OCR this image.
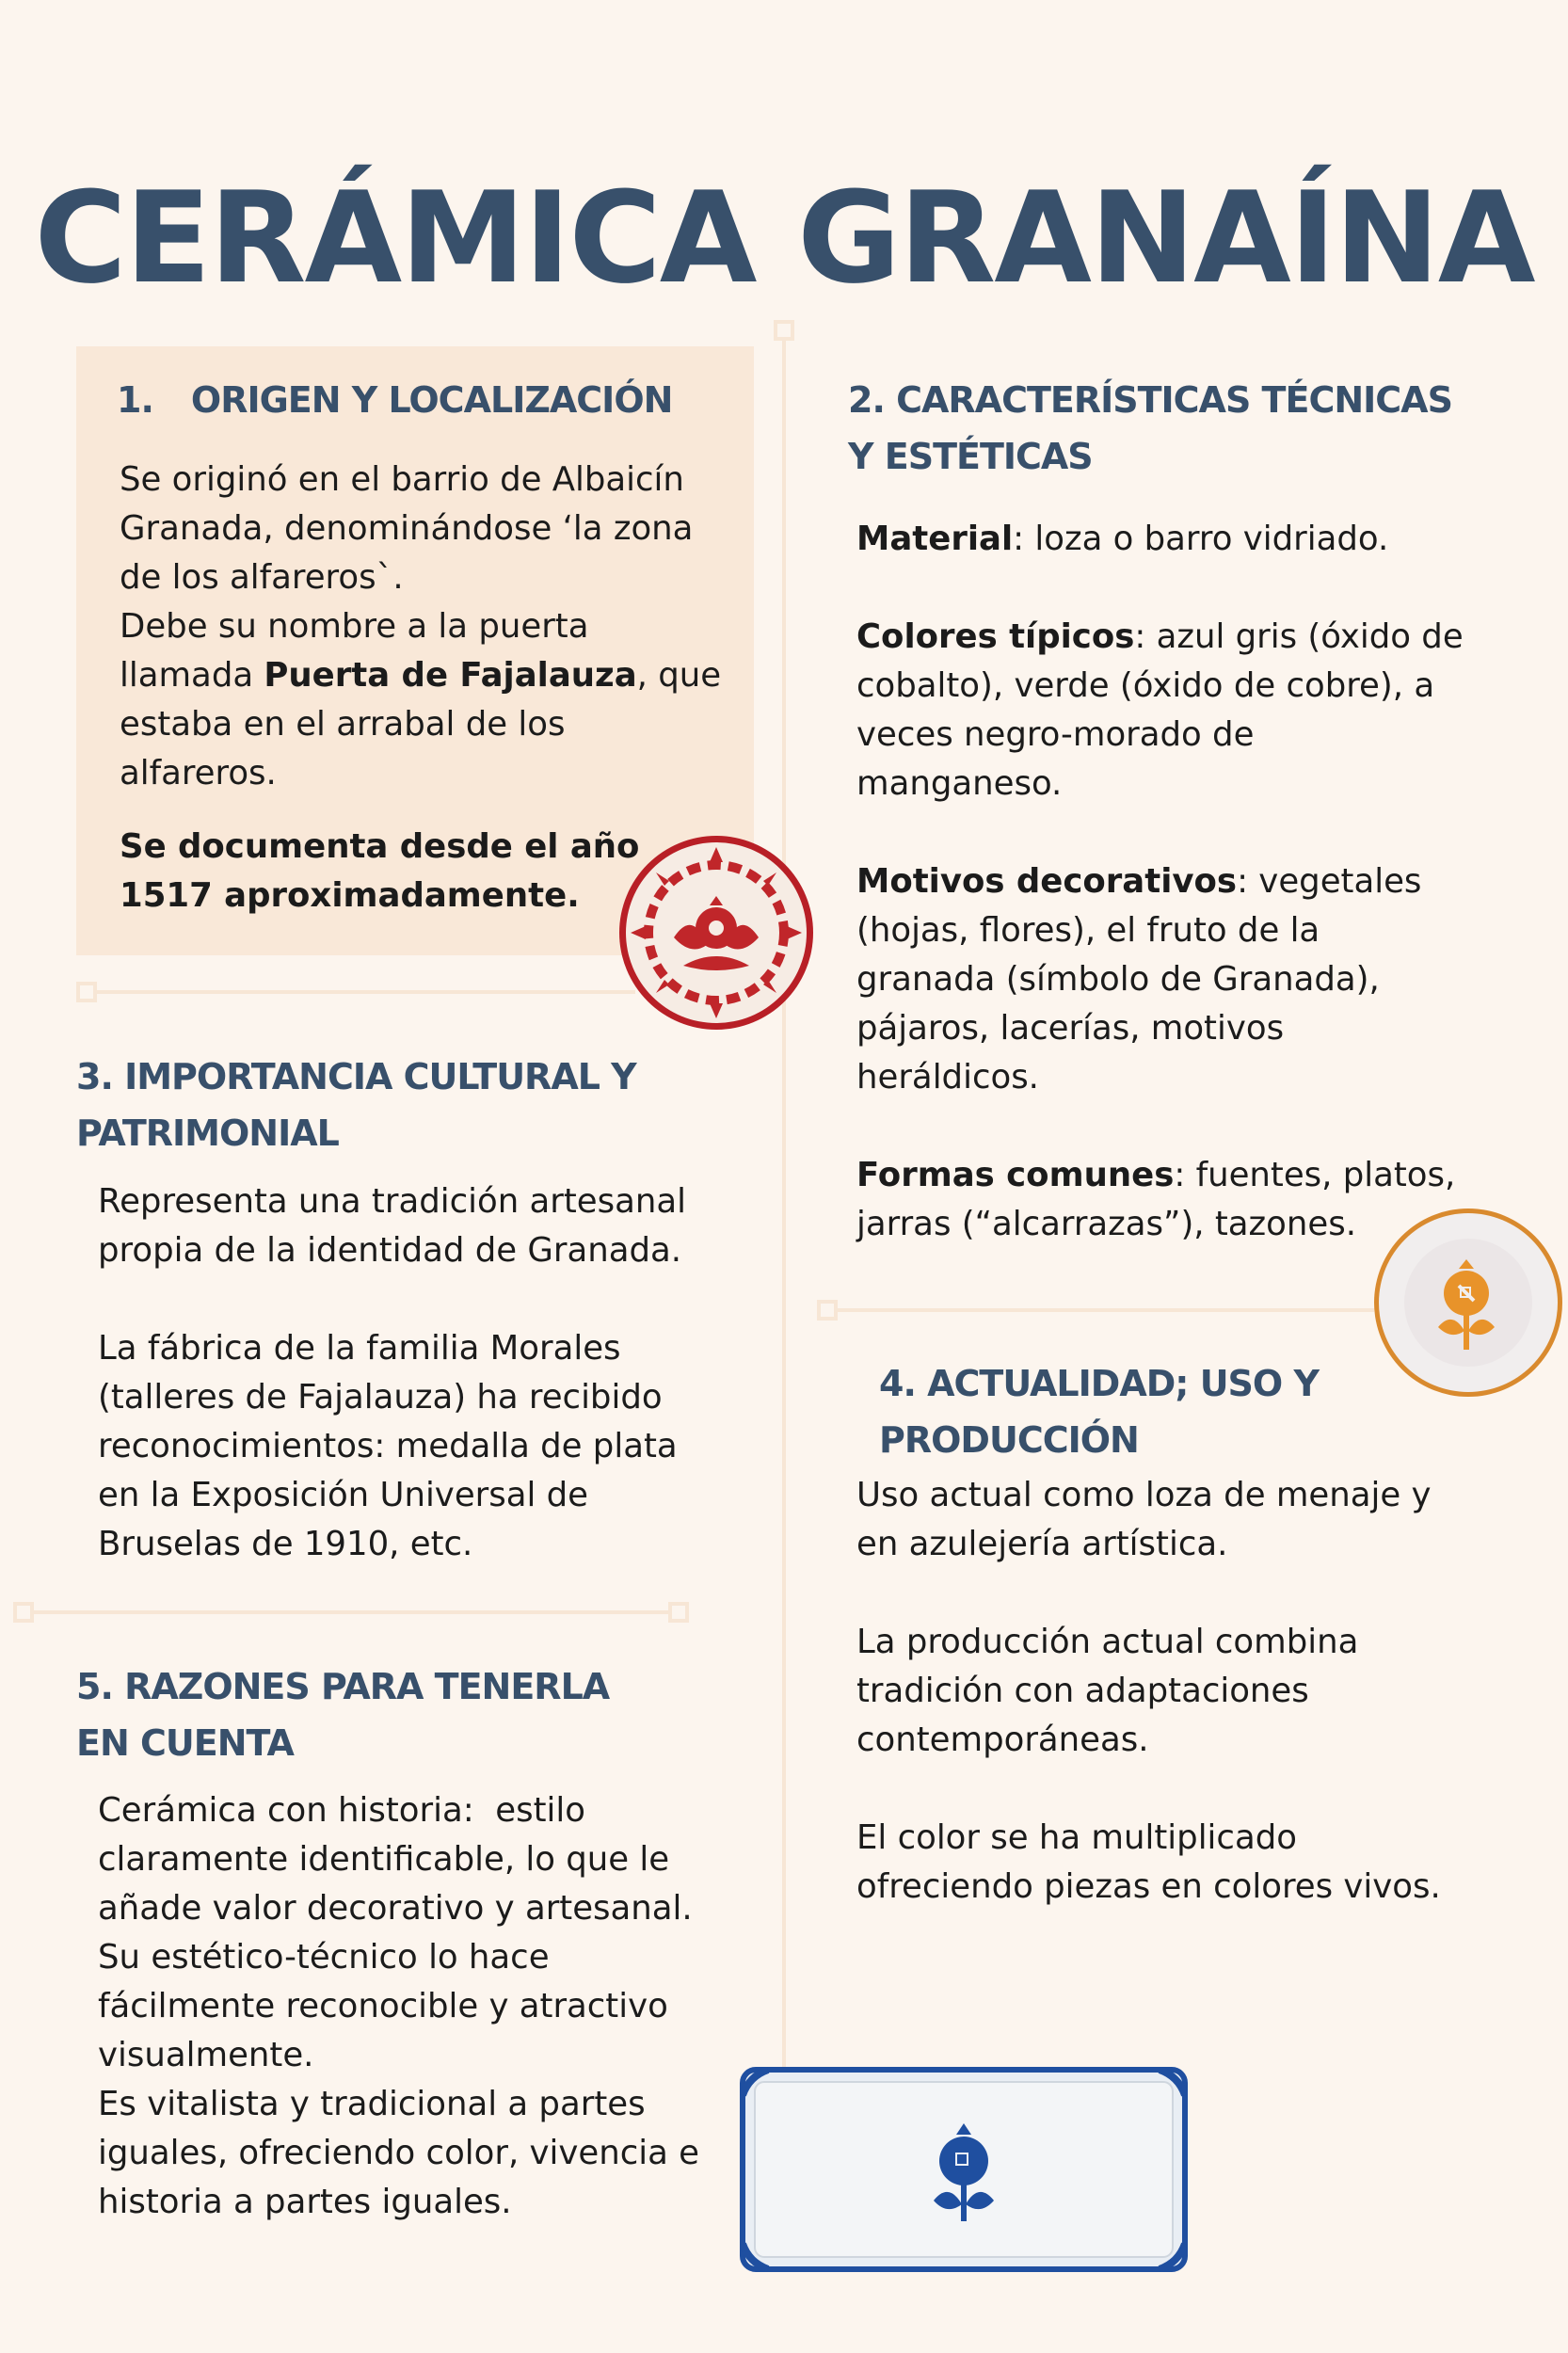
CERÁMICA GRANAÍNA
1. ORIGEN Y LOCALIZACIÓN

Se originó en el barrio de Albaicín

Granada, denominándose ‘la zona

de los alfareros`.

Debe su nombre a la puerta

llamada Puerta de Fajalauza, que

estaba en el arrabal de los

alfareros.

Se documenta desde el año

1517 aproximadamente.

2. CARACTERÍSTICAS TÉCNICAS
Y ESTÉTICAS

Material: loza o barro vidriado.

Colores típicos: azul gris (óxido de

cobalto), verde (óxido de cobre), a

veces negro-morado de

manganeso.

Motivos decorativos: vegetales

(hojas, flores), el fruto de la

granada (símbolo de Granada),

pájaros, lacerías, motivos

heráldicos.

Formas comunes: fuentes, platos,

jarras (“alcarrazas”), tazones.

3. IMPORTANCIA CULTURAL Y
PATRIMONIAL

Representa una tradición artesanal

propia de la identidad de Granada.

La fábrica de la familia Morales

(talleres de Fajalauza) ha recibido

reconocimientos: medalla de plata

en la Exposición Universal de

Bruselas de 1910, etc.

4. ACTUALIDAD; USO Y
PRODUCCIÓN

Uso actual como loza de menaje y

en azulejería artística.

La producción actual combina

tradición con adaptaciones

contemporáneas.

El color se ha multiplicado

ofreciendo piezas en colores vivos.

5. RAZONES PARA TENERLA
EN CUENTA

Cerámica con historia:  estilo

claramente identificable, lo que le

añade valor decorativo y artesanal.

Su estético-técnico lo hace

fácilmente reconocible y atractivo

visualmente.

Es vitalista y tradicional a partes

iguales, ofreciendo color, vivencia e

historia a partes iguales.
